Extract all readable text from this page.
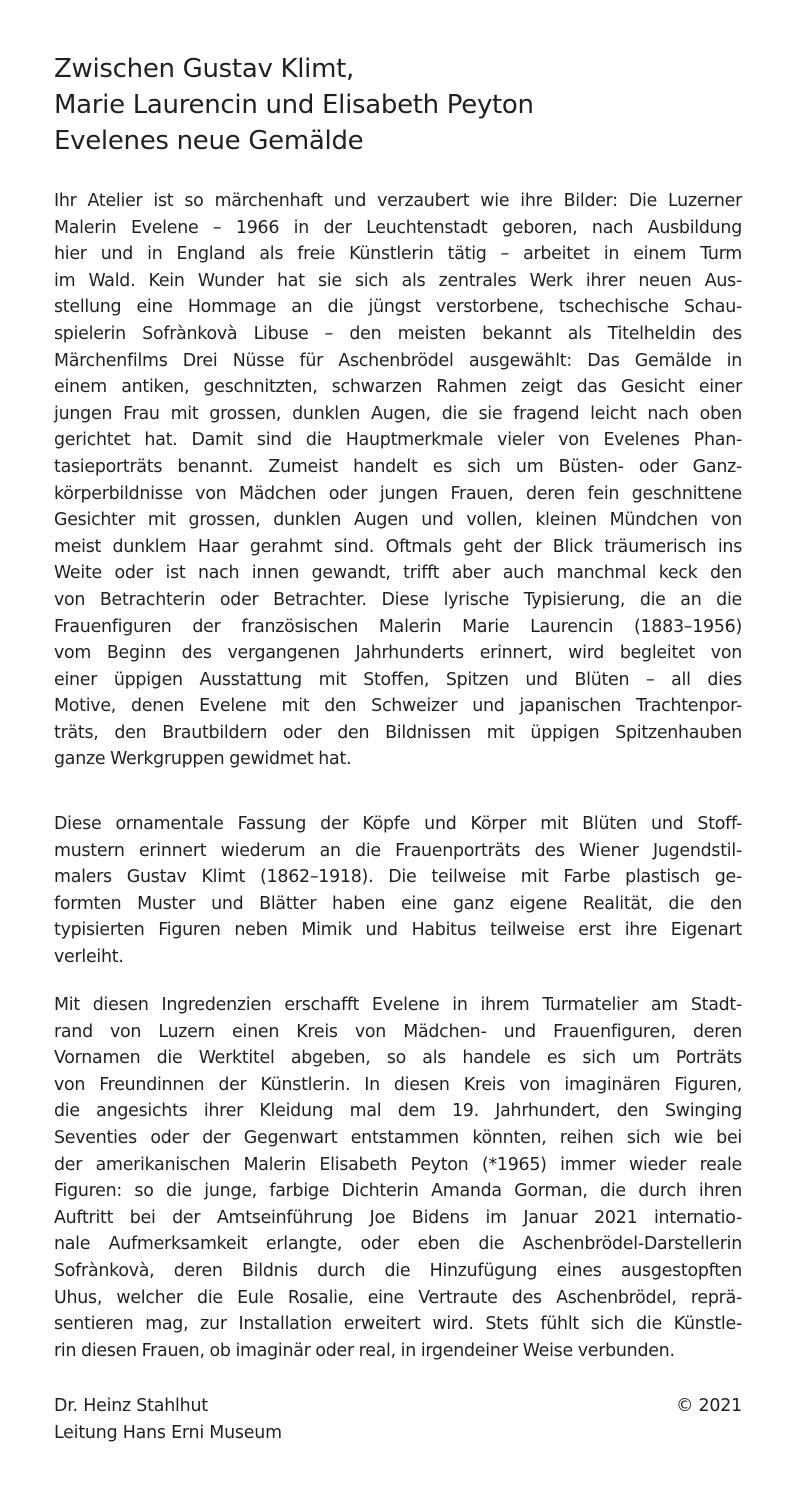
Zwischen Gustav Klimt,
Marie Laurencin und Elisabeth Peyton
Evelenes neue Gemälde
Ihr Atelier ist so märchenhaft und verzaubert wie ihre Bilder: Die Luzerner
Malerin Evelene – 1966 in der Leuchtenstadt geboren, nach Ausbildung
hier und in England als freie Künstlerin tätig – arbeitet in einem Turm
im Wald. Kein Wunder hat sie sich als zentrales Werk ihrer neuen Aus-
stellung eine Hommage an die jüngst verstorbene, tschechische Schau-
spielerin Sofrànkovà Libuse – den meisten bekannt als Titelheldin des
Märchenfilms Drei Nüsse für Aschenbrödel ausgewählt: Das Gemälde in
einem antiken, geschnitzten, schwarzen Rahmen zeigt das Gesicht einer
jungen Frau mit grossen, dunklen Augen, die sie fragend leicht nach oben
gerichtet hat. Damit sind die Hauptmerkmale vieler von Evelenes Phan-
tasieporträts benannt. Zumeist handelt es sich um Büsten- oder Ganz-
körperbildnisse von Mädchen oder jungen Frauen, deren fein geschnittene
Gesichter mit grossen, dunklen Augen und vollen, kleinen Mündchen von
meist dunklem Haar gerahmt sind. Oftmals geht der Blick träumerisch ins
Weite oder ist nach innen gewandt, trifft aber auch manchmal keck den
von Betrachterin oder Betrachter. Diese lyrische Typisierung, die an die
Frauenfiguren der französischen Malerin Marie Laurencin (1883–1956)
vom Beginn des vergangenen Jahrhunderts erinnert, wird begleitet von
einer üppigen Ausstattung mit Stoffen, Spitzen und Blüten – all dies
Motive, denen Evelene mit den Schweizer und japanischen Trachtenpor-
träts, den Brautbildern oder den Bildnissen mit üppigen Spitzenhauben
ganze Werkgruppen gewidmet hat.
Diese ornamentale Fassung der Köpfe und Körper mit Blüten und Stoff-
mustern erinnert wiederum an die Frauenporträts des Wiener Jugendstil-
malers Gustav Klimt (1862–1918). Die teilweise mit Farbe plastisch ge-
formten Muster und Blätter haben eine ganz eigene Realität, die den
typisierten Figuren neben Mimik und Habitus teilweise erst ihre Eigenart
verleiht.
Mit diesen Ingredenzien erschafft Evelene in ihrem Turmatelier am Stadt-
rand von Luzern einen Kreis von Mädchen- und Frauenfiguren, deren
Vornamen die Werktitel abgeben, so als handele es sich um Porträts
von Freundinnen der Künstlerin. In diesen Kreis von imaginären Figuren,
die angesichts ihrer Kleidung mal dem 19. Jahrhundert, den Swinging
Seventies oder der Gegenwart entstammen könnten, reihen sich wie bei
der amerikanischen Malerin Elisabeth Peyton (*1965) immer wieder reale
Figuren: so die junge, farbige Dichterin Amanda Gorman, die durch ihren
Auftritt bei der Amtseinführung Joe Bidens im Januar 2021 internatio-
nale Aufmerksamkeit erlangte, oder eben die Aschenbrödel-Darstellerin
Sofrànkovà, deren Bildnis durch die Hinzufügung eines ausgestopften
Uhus, welcher die Eule Rosalie, eine Vertraute des Aschenbrödel, reprä-
sentieren mag, zur Installation erweitert wird. Stets fühlt sich die Künstle-
rin diesen Frauen, ob imaginär oder real, in irgendeiner Weise verbunden.
Dr. Heinz Stahlhut
Leitung Hans Erni Museum
© 2021
